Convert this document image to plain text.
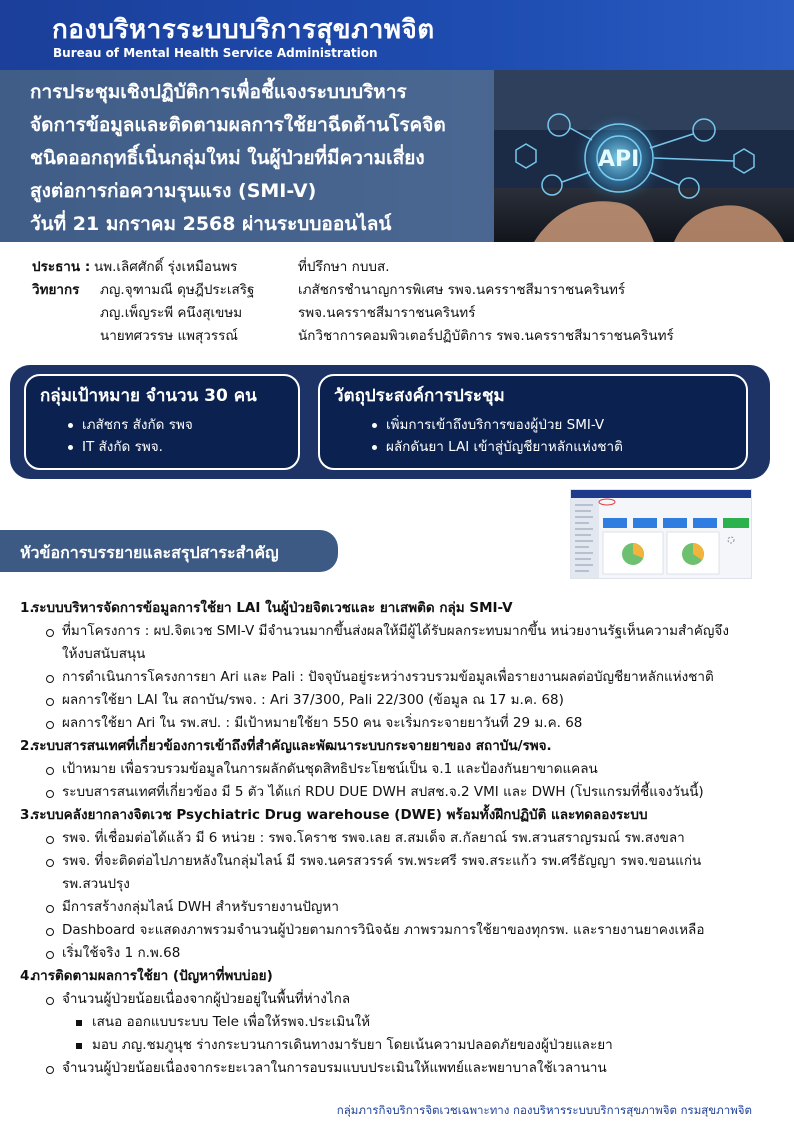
กองบริหารระบบบริการสุขภาพจิต
Bureau of Mental Health Service Administration
การประชุมเชิงปฏิบัติการเพื่อชี้แจงระบบบริหาร
จัดการข้อมูลและติดตามผลการใช้ยาฉีดต้านโรคจิต
ชนิดออกฤทธิ์เนิ่นกลุ่มใหม่ ในผู้ป่วยที่มีความเสี่ยง
สูงต่อการก่อความรุนแรง (SMI-V)
วันที่ 21 มกราคม 2568 ผ่านระบบออนไลน์
API
ประธาน : นพ.เลิศศักดิ์ รุ่งเหมือนพร	ที่ปรึกษา กบบส.
วิทยากร ภญ.จุฑามณี ดุษฎีประเสริฐ	เภสัชกรชำนาญการพิเศษ รพจ.นครราชสีมาราชนครินทร์
ภญ.เพ็ญระพี คนึงสุเขษม	รพจ.นครราชสีมาราชนครินทร์
นายทศวรรษ แพสุวรรณ์	นักวิชาการคอมพิวเตอร์ปฏิบัติการ รพจ.นครราชสีมาราชนครินทร์
กลุ่มเป้าหมาย จำนวน 30 คน
เภสัชกร สังกัด รพจ
IT สังกัด รพจ.
วัตถุประสงค์การประชุม
เพิ่มการเข้าถึงบริการของผู้ป่วย SMI-V
ผลักดันยา LAI เข้าสู่บัญชียาหลักแห่งชาติ
หัวข้อการบรรยายและสรุปสาระสำคัญ
1.ระบบบริหารจัดการข้อมูลการใช้ยา LAI ในผู้ป่วยจิตเวชและ ยาเสพติด กลุ่ม SMI-V
ที่มาโครงการ : ผป.จิตเวช SMI-V มีจำนวนมากขึ้นส่งผลให้มีผู้ได้รับผลกระทบมากขึ้น หน่วยงานรัฐเห็นความสำคัญจึงให้งบสนับสนุน
การดำเนินการโครงการยา Ari และ Pali : ปัจจุบันอยู่ระหว่างรวบรวมข้อมูลเพื่อรายงานผลต่อบัญชียาหลักแห่งชาติ
ผลการใช้ยา LAI ใน สถาบัน/รพจ. : Ari 37/300, Pali 22/300 (ข้อมูล ณ 17 ม.ค. 68)
ผลการใช้ยา Ari ใน รพ.สป. : มีเป้าหมายใช้ยา 550 คน จะเริ่มกระจายยาวันที่ 29 ม.ค. 68
2.ระบบสารสนเทศที่เกี่ยวข้องการเข้าถึงที่สำคัญและพัฒนาระบบกระจายยาของ สถาบัน/รพจ.
เป้าหมาย เพื่อรวบรวมข้อมูลในการผลักดันชุดสิทธิประโยชน์เป็น จ.1 และป้องกันยาขาดแคลน
ระบบสารสนเทศที่เกี่ยวข้อง มี 5 ตัว ได้แก่ RDU DUE DWH สปสช.จ.2 VMI และ DWH (โปรแกรมที่ชี้แจงวันนี้)
3.ระบบคลังยากลางจิตเวช Psychiatric Drug warehouse (DWE) พร้อมทั้งฝึกปฏิบัติ และทดลองระบบ
รพจ. ที่เชื่อมต่อได้แล้ว มี 6 หน่วย : รพจ.โคราช รพจ.เลย ส.สมเด็จ ส.กัลยาณ์ รพ.สวนสราญรมณ์ รพ.สงขลา
รพจ. ที่จะติดต่อไปภายหลังในกลุ่มไลน์ มี รพจ.นครสวรรค์ รพ.พระศรี รพจ.สระแก้ว รพ.ศรีธัญญา รพจ.ขอนแก่น รพ.สวนปรุง
มีการสร้างกลุ่มไลน์ DWH สำหรับรายงานปัญหา
Dashboard จะแสดงภาพรวมจำนวนผู้ป่วยตามการวินิจฉัย ภาพรวมการใช้ยาของทุกรพ. และรายงานยาคงเหลือ
เริ่มใช้จริง 1 ก.พ.68
4.การติดตามผลการใช้ยา (ปัญหาที่พบบ่อย)
จำนวนผู้ป่วยน้อยเนื่องจากผู้ป่วยอยู่ในพื้นที่ห่างไกล
เสนอ ออกแบบระบบ Tele เพื่อให้รพจ.ประเมินให้
มอบ ภญ.ชมภูนุช ร่างกระบวนการเดินทางมารับยา โดยเน้นความปลอดภัยของผู้ป่วยและยา
จำนวนผู้ป่วยน้อยเนื่องจากระยะเวลาในการอบรมแบบประเมินให้แพทย์และพยาบาลใช้เวลานาน
กลุ่มภารกิจบริการจิตเวชเฉพาะทาง กองบริหารระบบบริการสุขภาพจิต กรมสุขภาพจิต
